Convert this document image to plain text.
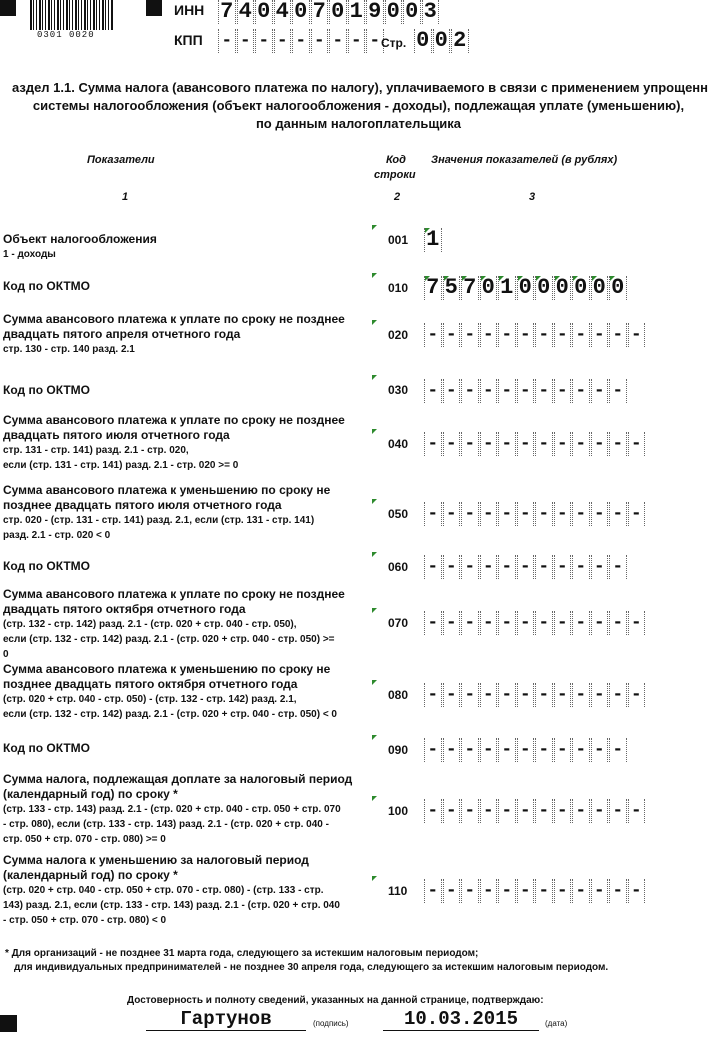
0301 0020
ИНН 7 4 0 4 0 7 0 1 9 0 0 3
КПП - - - - - - - - - Стр. 0 0 2
аздел 1.1. Сумма налога (авансового платежа по налогу), уплачиваемого в связи с применением упрощенн
системы налогообложения (объект налогообложения - доходы), подлежащая уплате (уменьшению),
по данным налогоплательщика
Показатели	Код
строки
Значения показателей (в рублях)
1	2	3
Объект налогообложения
1 - доходы
001 1
Код по ОКТМО	010 7 5 7 0 1 0 0 0 0 0 0
Сумма авансового платежа к уплате по сроку не позднее двадцать пятого апреля отчетного года
стр. 130 - стр. 140 разд. 2.1
020 - - - - - - - - - - - -
Код по ОКТМО	030 - - - - - - - - - - -
Сумма авансового платежа к уплате по сроку не позднее двадцать пятого июля отчетного года
стр. 131 - стр. 141) разд. 2.1 - стр. 020,
если (стр. 131 - стр. 141) разд. 2.1 - стр. 020 >= 0
040 - - - - - - - - - - - -
Сумма авансового платежа к уменьшению по сроку не позднее двадцать пятого июля отчетного года
стр. 020 - (стр. 131 - стр. 141) разд. 2.1, если (стр. 131 - стр. 141)
разд. 2.1 - стр. 020 < 0
050 - - - - - - - - - - - -
Код по ОКТМО	060 - - - - - - - - - - -
Сумма авансового платежа к уплате по сроку не позднее двадцать пятого октября отчетного года
(стр. 132 - стр. 142) разд. 2.1 - (стр. 020 + стр. 040 - стр. 050),
если (стр. 132 - стр. 142) разд. 2.1 - (стр. 020 + стр. 040 - стр. 050) >=
0
070 - - - - - - - - - - - -
Сумма авансового платежа к уменьшению по сроку не позднее двадцать пятого октября отчетного года
(стр. 020 + стр. 040 - стр. 050) - (стр. 132 - стр. 142) разд. 2.1,
если (стр. 132 - стр. 142) разд. 2.1 - (стр. 020 + стр. 040 - стр. 050) < 0
080 - - - - - - - - - - - -
Код по ОКТМО	090 - - - - - - - - - - -
Сумма налога, подлежащая доплате за налоговый период (календарный год) по сроку *
(стр. 133 - стр. 143) разд. 2.1 - (стр. 020 + стр. 040 - стр. 050 + стр. 070
- стр. 080), если (стр. 133 - стр. 143) разд. 2.1 - (стр. 020 + стр. 040 -
стр. 050 + стр. 070 - стр. 080) >= 0
100 - - - - - - - - - - - -
Сумма налога к уменьшению за налоговый период (календарный год) по сроку *
(стр. 020 + стр. 040 - стр. 050 + стр. 070 - стр. 080) - (стр. 133 - стр.
143) разд. 2.1, если (стр. 133 - стр. 143) разд. 2.1 - (стр. 020 + стр. 040
- стр. 050 + стр. 070 - стр. 080) < 0
110 - - - - - - - - - - - -
* Для организаций - не позднее 31 марта года, следующего за истекшим налоговым периодом;
для индивидуальных предпринимателей - не позднее 30 апреля года, следующего за истекшим налоговым периодом.
Достоверность и полноту сведений, указанных на данной странице, подтверждаю:
Гартунов	(подпись)	10.03.2015	(дата)
